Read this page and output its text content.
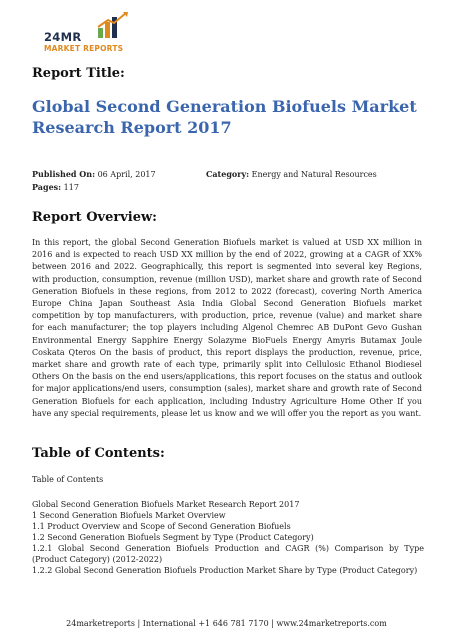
24MR
MARKET REPORTS
Report Title:
Global Second Generation Biofuels Market Research Report 2017
Published On: 06 April, 2017
Pages: 117
Category: Energy and Natural Resources
Report Overview:

In this report, the global Second Generation Biofuels market is valued at USD XX million in 2016 and is expected to reach USD XX million by the end of 2022, growing at a CAGR of XX% between 2016 and 2022. Geographically, this report is segmented into several key Regions, with production, consumption, revenue (million USD), market share and growth rate of Second Generation Biofuels in these regions, from 2012 to 2022 (forecast), covering North America Europe China Japan Southeast Asia India Global Second Generation Biofuels market competition by top manufacturers, with production, price, revenue (value) and market share for each manufacturer; the top players including Algenol Chemrec AB DuPont Gevo Gushan Environmental Energy Sapphire Energy Solazyme BioFuels Energy Amyris Butamax Joule Coskata Qteros On the basis of product, this report displays the production, revenue, price, market share and growth rate of each type, primarily split into Cellulosic Ethanol Biodiesel Others On the basis on the end users/applications, this report focuses on the status and outlook for major applications/end users, consumption (sales), market share and growth rate of Second Generation Biofuels for each application, including Industry Agriculture Home Other If you have any special requirements, please let us know and we will offer you the report as you want.

Table of Contents:

Table of Contents

Global Second Generation Biofuels Market Research Report 2017
1 Second Generation Biofuels Market Overview
1.1 Product Overview and Scope of Second Generation Biofuels
1.2 Second Generation Biofuels Segment by Type (Product Category)
1.2.1 Global Second Generation Biofuels Production and CAGR (%) Comparison by Type (Product Category) (2012-2022)
1.2.2 Global Second Generation Biofuels Production Market Share by Type (Product Category)
24marketreports | International +1 646 781 7170 | www.24marketreports.com
